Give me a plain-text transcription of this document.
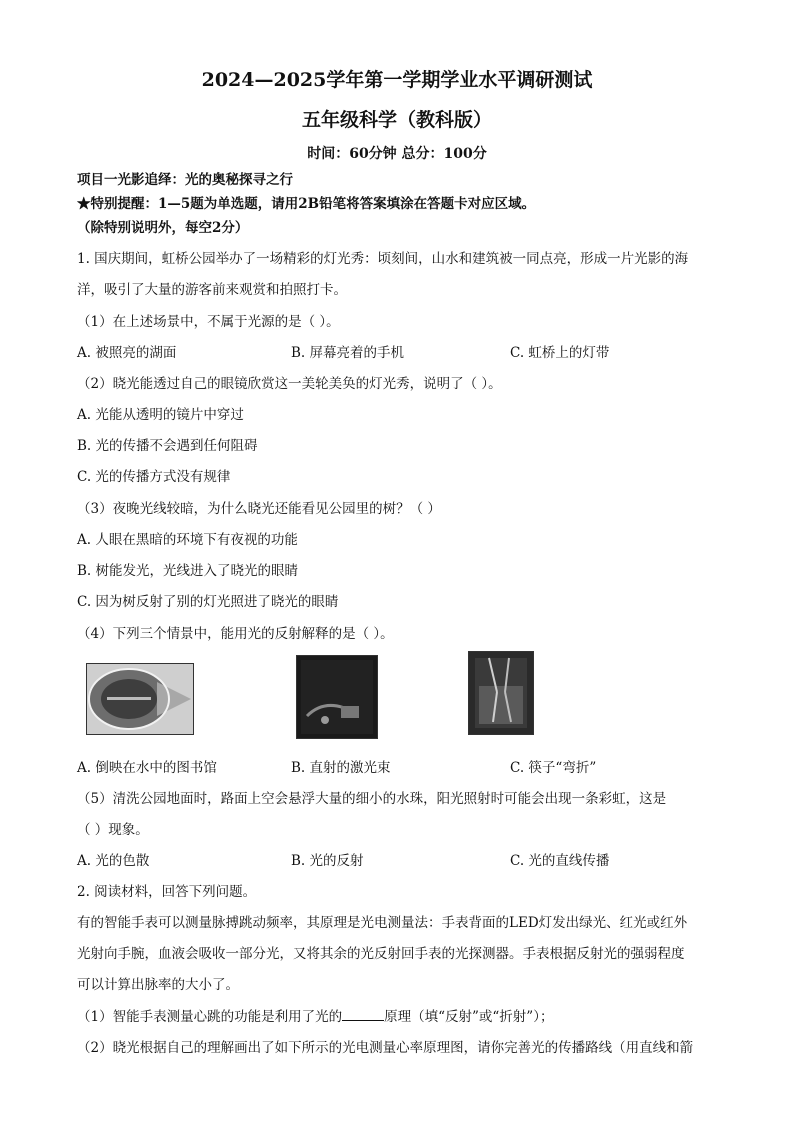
2024—2025学年第一学期学业水平调研测试
五年级科学（教科版）
时间：60分钟 总分：100分
项目一光影追绎：光的奥秘探寻之行
★特别提醒：1—5题为单选题，请用2B铅笔将答案填涂在答题卡对应区域。
（除特别说明外，每空2分）
1. 国庆期间，虹桥公园举办了一场精彩的灯光秀：顷刻间，山水和建筑被一同点亮，形成一片光影的海
洋，吸引了大量的游客前来观赏和拍照打卡。
（1）在上述场景中，不属于光源的是（ ）。
A. 被照亮的湖面	B. 屏幕亮着的手机	C. 虹桥上的灯带
（2）晓光能透过自己的眼镜欣赏这一美轮美奂的灯光秀，说明了（ ）。
A. 光能从透明的镜片中穿过
B. 光的传播不会遇到任何阻碍
C. 光的传播方式没有规律
（3）夜晚光线较暗，为什么晓光还能看见公园里的树？（ ）
A. 人眼在黑暗的环境下有夜视的功能
B. 树能发光，光线进入了晓光的眼睛
C. 因为树反射了别的灯光照进了晓光的眼睛
（4）下列三个情景中，能用光的反射解释的是（ ）。
A. 倒映在水中的图书馆	B. 直射的激光束	C. 筷子“弯折”
（5）清洗公园地面时，路面上空会悬浮大量的细小的水珠，阳光照射时可能会出现一条彩虹，这是
（ ）现象。
A. 光的色散	B. 光的反射	C. 光的直线传播
2. 阅读材料，回答下列问题。
有的智能手表可以测量脉搏跳动频率，其原理是光电测量法：手表背面的LED灯发出绿光、红光或红外
光射向手腕，血液会吸收一部分光，又将其余的光反射回手表的光探测器。手表根据反射光的强弱程度
可以计算出脉率的大小了。
（1）智能手表测量心跳的功能是利用了光的	原理（填“反射”或“折射”）；
（2）晓光根据自己的理解画出了如下所示的光电测量心率原理图，请你完善光的传播路线（用直线和箭
